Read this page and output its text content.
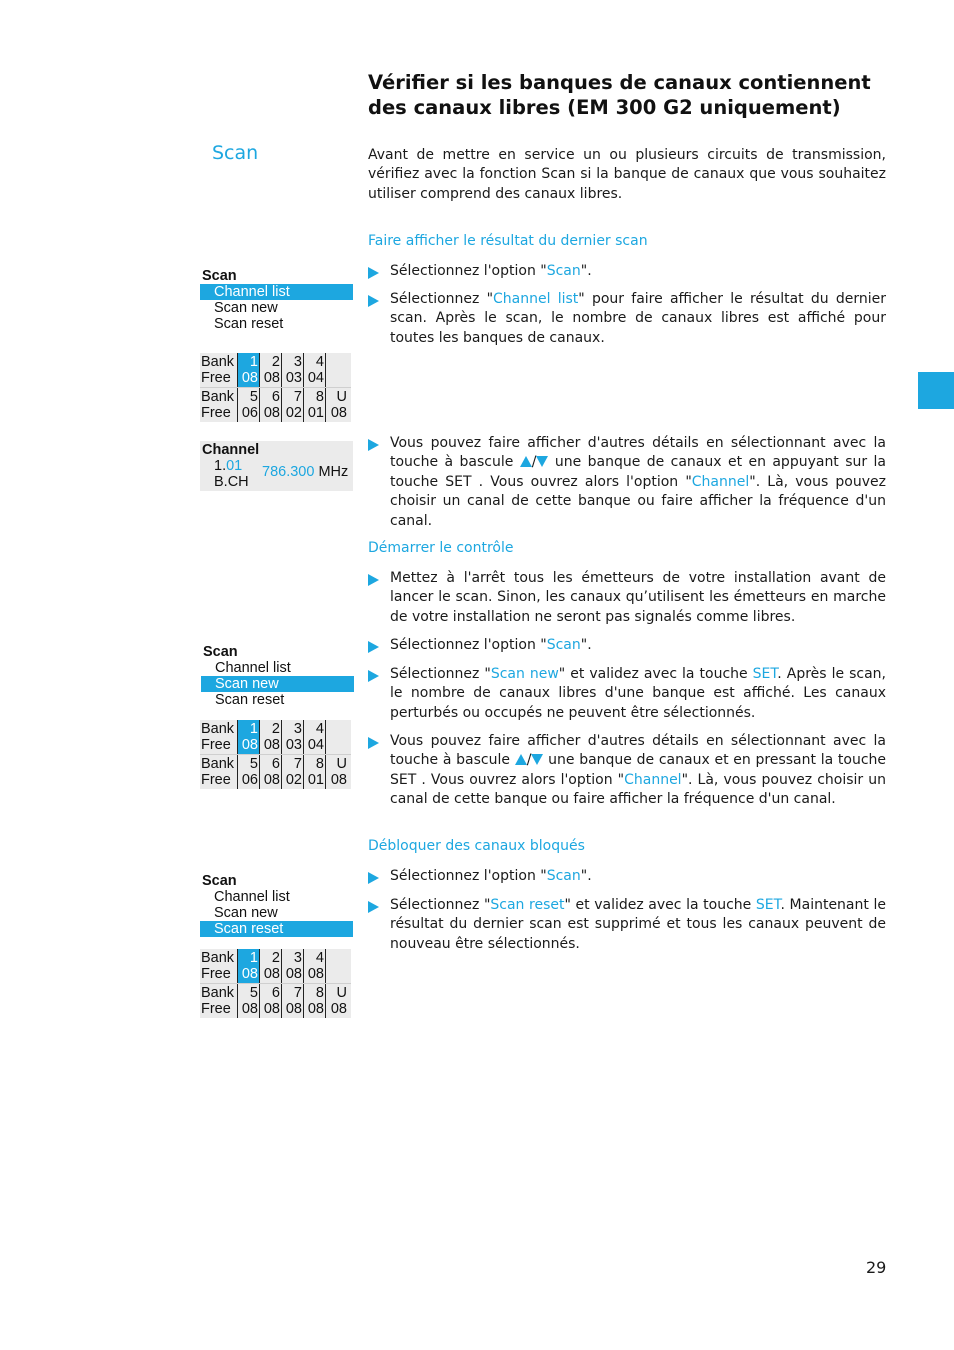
Vérifier si les banques de canaux contiennent des canaux libres (EM 300 G2 uniquement)
Scan	Avant de mettre en service un ou plusieurs circuits de transmission, vérifiez avec la fonction Scan si la banque de canaux que vous souhaitez utiliser comprend des canaux libres.
Faire afficher le résultat du dernier scan
Sélectionnez l'option "Scan".
Sélectionnez "Channel list" pour faire afficher le résultat du dernier scan. Après le scan, le nombre de canaux libres est affiché pour toutes les banques de canaux.
Vous pouvez faire afficher d'autres détails en sélectionnant avec la touche à bascule / une banque de canaux et en appuyant sur la touche SET . Vous ouvrez alors l'option "Channel". Là, vous pouvez choisir un canal de cette banque ou faire afficher la fréquence d'un canal.
Démarrer le contrôle
Mettez à l'arrêt tous les émetteurs de votre installation avant de lancer le scan. Sinon, les canaux qu’utilisent les émetteurs en marche de votre installation ne seront pas signalés comme libres.
Sélectionnez l'option "Scan".
Sélectionnez "Scan new" et validez avec la touche SET. Après le scan, le nombre de canaux libres d'une banque est affiché. Les canaux perturbés ou occupés ne peuvent être sélectionnés.
Vous pouvez faire afficher d'autres détails en sélectionnant avec la touche à bascule / une banque de canaux et en pressant la touche SET . Vous ouvrez alors l'option "Channel". Là, vous pouvez choisir un canal de cette banque ou faire afficher la fréquence d'un canal.
Débloquer des canaux bloqués
Sélectionnez l'option "Scan".
Sélectionnez "Scan reset" et validez avec la touche SET. Maintenant le résultat du dernier scan est supprimé et tous les canaux peuvent de nouveau être sélectionnés.
Scan
Channel list
Scan new
Scan reset
Bank
Free
1
08
2
08
3
03
4
04
Bank
Free
5
06
6
08
7
02
8
01
U
08
Channel
1.01
B.CH
786.300 MHz
Scan
Channel list
Scan new
Scan reset
Bank
Free
1
08
2
08
3
03
4
04
Bank
Free
5
06
6
08
7
02
8
01
U
08
Scan
Channel list
Scan new
Scan reset
Bank
Free
1
08
2
08
3
08
4
08
Bank
Free
5
08
6
08
7
08
8
08
U
08
29
